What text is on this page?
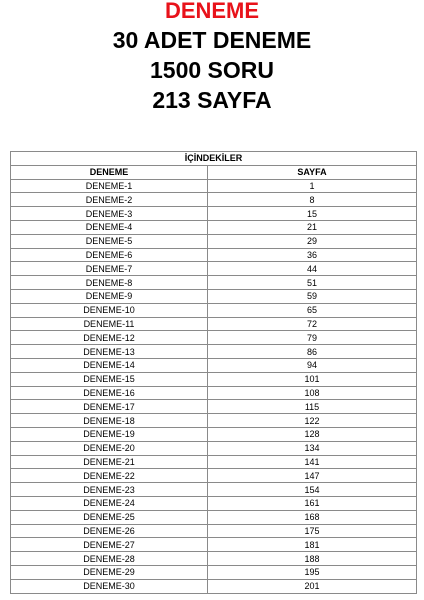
DENEME
30 ADET DENEME
1500 SORU
213 SAYFA
İÇİNDEKİLER	
DENEME	SAYFA
DENEME-1	1
DENEME-2	8
DENEME-3	15
DENEME-4	21
DENEME-5	29
DENEME-6	36
DENEME-7	44
DENEME-8	51
DENEME-9	59
DENEME-10	65
DENEME-11	72
DENEME-12	79
DENEME-13	86
DENEME-14	94
DENEME-15	101
DENEME-16	108
DENEME-17	115
DENEME-18	122
DENEME-19	128
DENEME-20	134
DENEME-21	141
DENEME-22	147
DENEME-23	154
DENEME-24	161
DENEME-25	168
DENEME-26	175
DENEME-27	181
DENEME-28	188
DENEME-29	195
DENEME-30	201
